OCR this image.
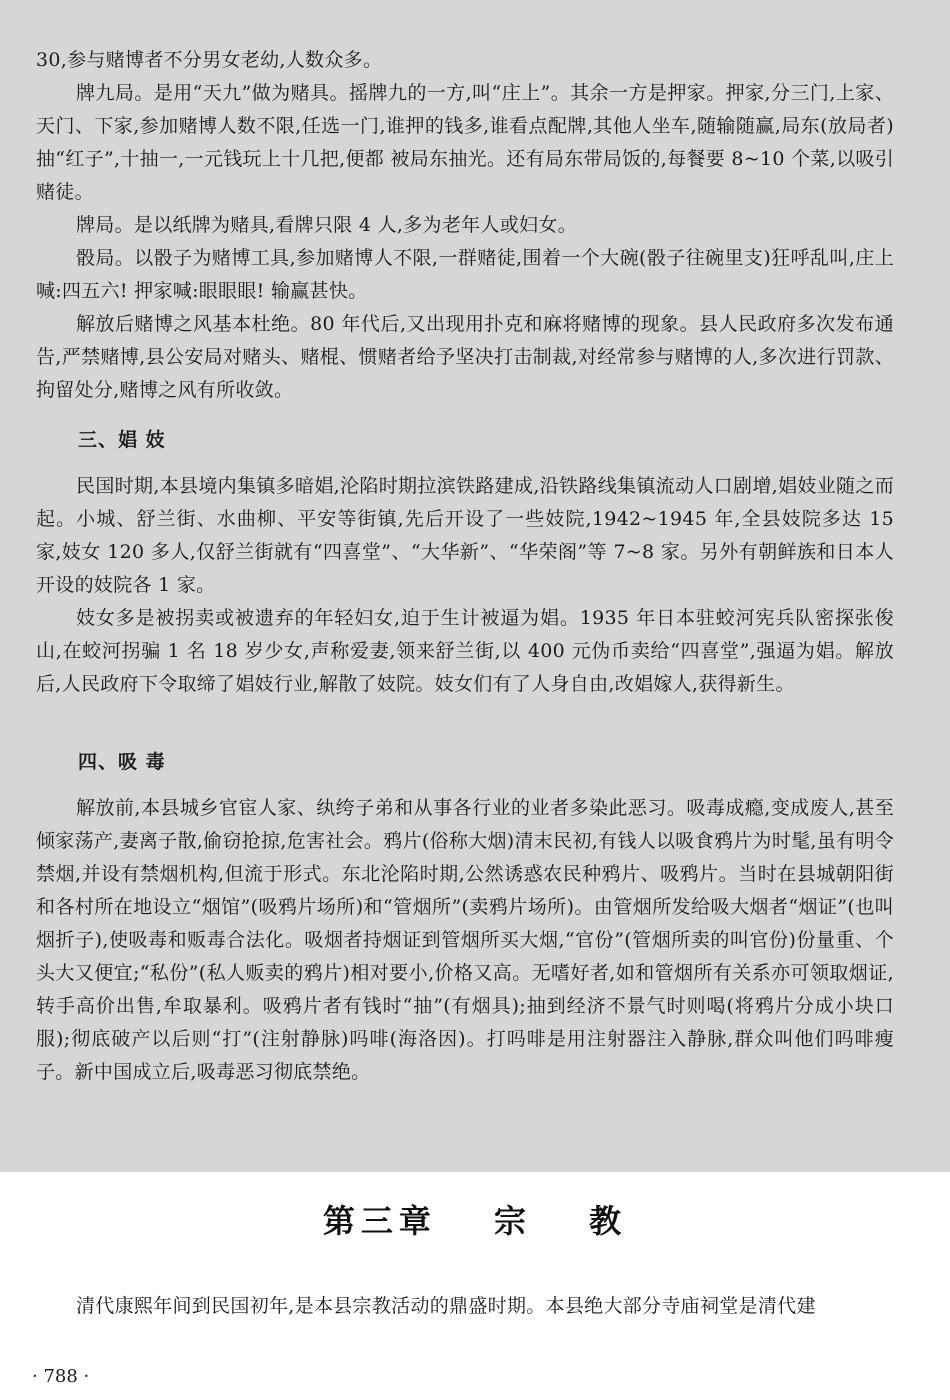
30,参与赌博者不分男女老幼,人数众多。

牌九局。是用“天九”做为赌具。摇牌九的一方,叫“庄上”。其余一方是押家。押家,分三门,上家、天门、下家,参加赌博人数不限,任选一门,谁押的钱多,谁看点配牌,其他人坐车,随输随赢,局东(放局者)抽“红子”,十抽一,一元钱玩上十几把,便都 被局东抽光。还有局东带局饭的,每餐要 8~10 个菜,以吸引赌徒。

牌局。是以纸牌为赌具,看牌只限 4 人,多为老年人或妇女。

骰局。以骰子为赌博工具,参加赌博人不限,一群赌徒,围着一个大碗(骰子往碗里支)狂呼乱叫,庄上喊:四五六! 押家喊:眼眼眼! 输赢甚快。

解放后赌博之风基本杜绝。80 年代后,又出现用扑克和麻将赌博的现象。县人民政府多次发布通告,严禁赌博,县公安局对赌头、赌棍、惯赌者给予坚决打击制裁,对经常参与赌博的人,多次进行罚款、拘留处分,赌博之风有所收敛。

三、娼 妓

民国时期,本县境内集镇多暗娼,沦陷时期拉滨铁路建成,沿铁路线集镇流动人口剧增,娼妓业随之而起。小城、舒兰街、水曲柳、平安等街镇,先后开设了一些妓院,1942~1945 年,全县妓院多达 15 家,妓女 120 多人,仅舒兰街就有“四喜堂”、“大华新”、“华荣阁”等 7~8 家。另外有朝鲜族和日本人开设的妓院各 1 家。

妓女多是被拐卖或被遗弃的年轻妇女,迫于生计被逼为娼。1935 年日本驻蛟河宪兵队密探张俊山,在蛟河拐骗 1 名 18 岁少女,声称爱妻,领来舒兰街,以 400 元伪币卖给“四喜堂”,强逼为娼。解放后,人民政府下令取缔了娼妓行业,解散了妓院。妓女们有了人身自由,改娼嫁人,获得新生。

四、吸 毒

解放前,本县城乡官宦人家、纨绔子弟和从事各行业的业者多染此恶习。吸毒成瘾,变成废人,甚至倾家荡产,妻离子散,偷窃抢掠,危害社会。鸦片(俗称大烟)清末民初,有钱人以吸食鸦片为时髦,虽有明令禁烟,并设有禁烟机构,但流于形式。东北沦陷时期,公然诱惑农民种鸦片、吸鸦片。当时在县城朝阳街和各村所在地设立“烟馆”(吸鸦片场所)和“管烟所”(卖鸦片场所)。由管烟所发给吸大烟者“烟证”(也叫烟折子),使吸毒和贩毒合法化。吸烟者持烟证到管烟所买大烟,“官份”(管烟所卖的叫官份)份量重、个头大又便宜;“私份”(私人贩卖的鸦片)相对要小,价格又高。无嗜好者,如和管烟所有关系亦可领取烟证,转手高价出售,牟取暴利。吸鸦片者有钱时“抽”(有烟具);抽到经济不景气时则喝(将鸦片分成小块口服);彻底破产以后则“打”(注射静脉)吗啡(海洛因)。打吗啡是用注射器注入静脉,群众叫他们吗啡瘦子。新中国成立后,吸毒恶习彻底禁绝。

第三章 宗 教

清代康熙年间到民国初年,是本县宗教活动的鼎盛时期。本县绝大部分寺庙祠堂是清代建

· 788 ·
